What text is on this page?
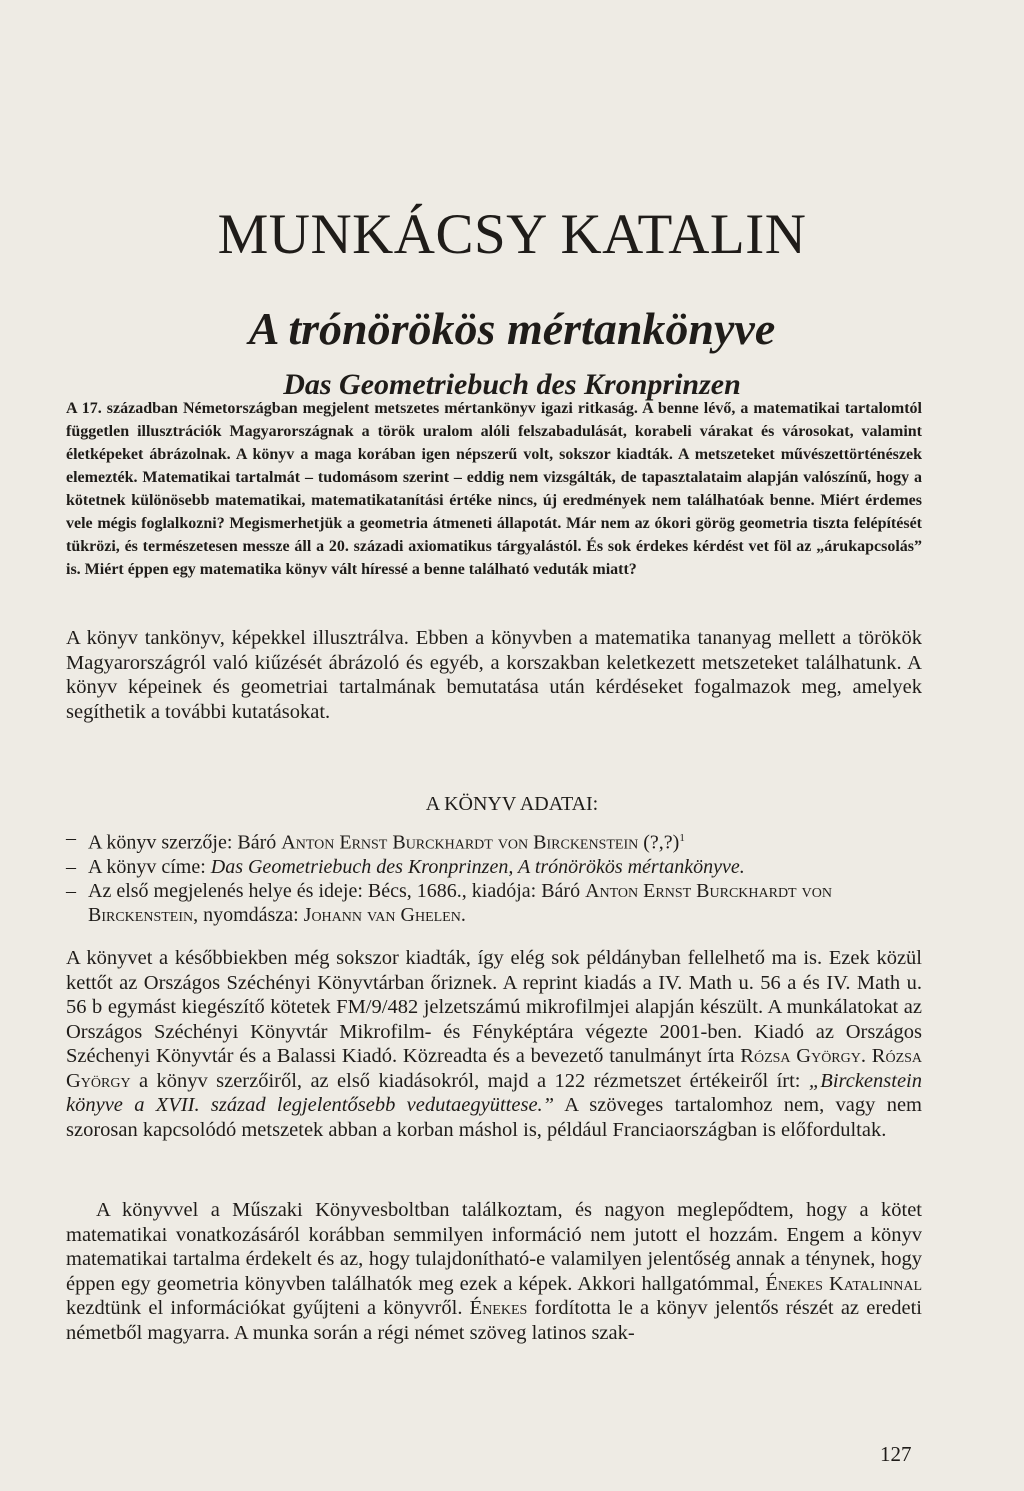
MUNKÁCSY KATALIN
A trónörökös mértankönyve
Das Geometriebuch des Kronprinzen

A 17. században Németországban megjelent metszetes mértankönyv igazi ritkaság. A benne lévő, a matematikai tartalomtól független illusztrációk Magyarországnak a török uralom alóli felszabadulását, korabeli várakat és városokat, valamint életképeket ábrázolnak. A könyv a maga korában igen népszerű volt, sokszor kiadták. A metszeteket művészettörténészek elemezték. Matematikai tartalmát – tudomásom szerint – eddig nem vizsgálták, de tapasztalataim alapján valószínű, hogy a kötetnek különösebb matematikai, matematikatanítási értéke nincs, új eredmények nem találhatóak benne. Miért érdemes vele mégis foglalkozni? Megismerhetjük a geometria átmeneti állapotát. Már nem az ókori görög geometria tiszta felépítését tükrözi, és természetesen messze áll a 20. századi axiomatikus tárgyalástól. És sok érdekes kérdést vet föl az „árukapcsolás” is. Miért éppen egy matematika könyv vált híressé a benne található veduták miatt?

A könyv tankönyv, képekkel illusztrálva. Ebben a könyvben a matematika tananyag mellett a törökök Magyarországról való kiűzését ábrázoló és egyéb, a korszakban keletkezett metszeteket találhatunk. A könyv képeinek és geometriai tartalmának bemutatása után kérdéseket fogalmazok meg, amelyek segíthetik a további kutatásokat.

A KÖNYV ADATAI:
– A könyv szerzője: Báró Anton Ernst Burckhardt von Birckenstein (?,?)$^1$
– A könyv címe: Das Geometriebuch des Kronprinzen, A trónörökös mértankönyve.
– Az első megjelenés helye és ideje: Bécs, 1686., kiadója: Báró Anton Ernst Burckhardt von Birckenstein, nyomdásza: Johann van Ghelen.

A könyvet a későbbiekben még sokszor kiadták, így elég sok példányban fellelhető ma is. Ezek közül kettőt az Országos Széchényi Könyvtárban őriznek. A reprint kiadás a IV. Math u. 56 a és IV. Math u. 56 b egymást kiegészítő kötetek FM/9/482 jelzetszámú mikrofilmjei alapján készült. A munkálatokat az Országos Széchényi Könyvtár Mikrofilm- és Fényképtára végezte 2001-ben. Kiadó az Országos Széchenyi Könyvtár és a Balassi Kiadó. Közreadta és a bevezető tanulmányt írta Rózsa György. Rózsa György a könyv szerzőiről, az első kiadásokról, majd a 122 rézmetszet értékeiről írt: „Birckenstein könyve a XVII. század legjelentősebb vedutaegyüttese.” A szöveges tartalomhoz nem, vagy nem szorosan kapcsolódó metszetek abban a korban máshol is, például Franciaországban is előfordultak.

A könyvvel a Műszaki Könyvesboltban találkoztam, és nagyon meglepődtem, hogy a kötet matematikai vonatkozásáról korábban semmilyen információ nem jutott el hozzám. Engem a könyv matematikai tartalma érdekelt és az, hogy tulajdonítható-e valamilyen jelentőség annak a ténynek, hogy éppen egy geometria könyvben találhatók meg ezek a képek. Akkori hallgatómmal, Énekes Katalinnal kezdtünk el információkat gyűjteni a könyvről. Énekes fordította le a könyv jelentős részét az eredeti németből magyarra. A munka során a régi német szöveg latinos szak-

127
